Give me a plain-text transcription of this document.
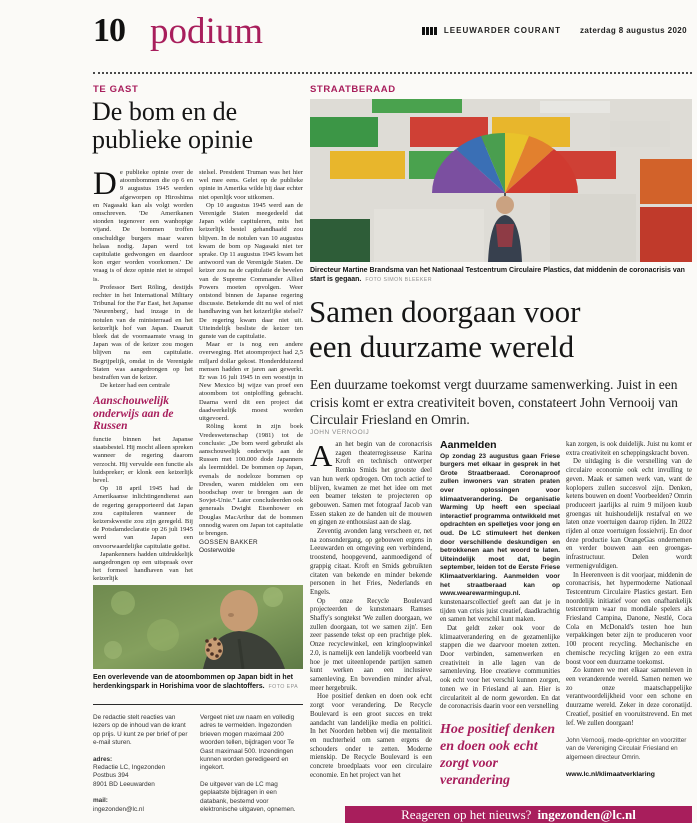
10 podium	LEEUWARDER COURANT zaterdag 8 augustus 2020
TE GAST
De bom en de
publieke opinie

De publieke opinie over de atoombommen die op 6 en 9 augustus 1945 werden afgeworpen op Hiroshima en Nagasaki kan als volgt worden omschreven. 'De Amerikanen stonden tegenover een wanhopige vijand. De bommen troffen onschuldige burgers maar waren helaas nodig. Japan werd tot capitulatie gedwongen en daardoor kon erger worden voorkomen.' De vraag is of deze opinie niet te simpel is.

Professor Bert Röling, destijds rechter in het International Military Tribunal for the Far East, het Japanse 'Neurenberg', had inzage in de notulen van de ministerraad en het keizerlijk hof van Japan. Daaruit bleek dat de voornaamste vraag in Japan was of de keizer zou mogen blijven na een capitulatie. Begrijpelijk, omdat in de Verenigde Staten was aangedrongen op het bestraffen van de keizer.

De keizer had een centrale

Aanschouwelijk onderwijs aan de Russen

functie binnen het Japanse staatsbestel. Hij mocht alleen spreken wanneer de regering daarom verzocht. Hij vervulde een functie als luidspreker; er klonk een keizerlijk bevel.

Op 18 april 1945 had de Amerikaanse inlichtingendienst aan de regering gerapporteerd dat Japan zou capituleren wanneer de keizerskwestie zou zijn geregeld. Bij de Potsdamdeclaratie op 26 juli 1945 werd van Japan een onvoorwaardelijke capitulatie geëist.

Japankenners hadden uitdrukkelijk aangedrongen op een uitspraak over het formeel handhaven van het keizerlijk

stelsel. President Truman was het hier wel mee eens. Gelet op de publieke opinie in Amerika wilde hij daar echter niet openlijk voor uitkomen.

Op 10 augustus 1945 werd aan de Verenigde Staten meegedeeld dat Japan wilde capituleren, mits het keizerlijk bestel gehandhaafd zou blijven. In de notulen van 10 augustus kwam de bom op Nagasaki niet ter sprake. Op 11 augustus 1945 kwam het antwoord van de Verenigde Staten. De keizer zou na de capitulatie de bevelen van de Supreme Commander Allied Powers moeten opvolgen. Weer ontstond binnen de Japanse regering discussie. Betekende dit nu wel of niet handhaving van het keizerlijke stelsel? De regering kwam daar niet uit. Uiteindelijk besliste de keizer ten gunste van de capitulatie.

Maar er is nog een andere overweging. Het atoomproject had 2,5 miljard dollar gekost. Honderdduizend mensen hadden er jaren aan gewerkt. Er was 16 juli 1945 in een woestijn in New Mexico bij wijze van proef een atoombom tot ontploffing gebracht. Daarna werd dit een project dat daadwerkelijk moest worden uitgevoerd.

Röling komt in zijn boek Vredeswetenschap (1981) tot de conclusie: „De bom werd gebruikt als aanschouwelijk onderwijs aan de Russen met 100.000 dode Japanners als leermiddel. De bommen op Japan, evenals de nodeloze bommen op Dresden, waren middelen om een boodschap over te brengen aan de Sovjet-Unie.” Later concludeerden ook generaals Dwight Eisenhower en Douglas MacArthur dat de bommen onnodig waren om Japan tot capitulatie te brengen.

GOSSEN BAKKER
Oosterwolde
Een overlevende van de atoombommen op Japan bidt in het herdenkingspark in Horishima voor de slachtoffers. FOTO EPA

De redactie stelt reacties van lezers op de inhoud van de krant op prijs. U kunt ze per brief of per e-mail sturen.

adres:

Redactie LC, Ingezonden

Postbus 394

8901 BD Leeuwarden

mail:

ingezonden@lc.nl

Vergeet niet uw naam en volledig adres te vermelden. Ingezonden brieven mogen maximaal 200 woorden tellen, bijdragen voor Te Gast maximaal 500. Inzendingen kunnen worden geredigeerd en ingekort.

De uitgever van de LC mag geplaatste bijdragen in een databank, bestemd voor elektronische uitgaven, opnemen.

STRAATBERAAD
Directeur Martine Brandsma van het Nationaal Testcentrum Circulaire Plastics, dat middenin de coronacrisis van start is gegaan. FOTO SIMON BLEEKER
Samen doorgaan voor
een duurzame wereld
Een duurzame toekomst vergt duurzame samenwerking. Juist in een crisis komt er extra creativiteit boven, constateert John Vernooij van Circulair Friesland en Omrin.
JOHN VERNOOIJ

Aan het begin van de coronacrisis zagen theaterregisseuse Karina Kroft en technisch ontwerper Remko Smids het grootste deel van hun werk opdrogen. Om toch actief te blijven, kwamen ze met het idee om met een beamer teksten te projecteren op gebouwen. Samen met fotograaf Jacob van Essen staken ze de handen uit de mouwen en gingen ze enthousiast aan de slag.

Zeventig avonden lang verscheen er, net na zonsondergang, op gebouwen ergens in Leeuwarden en omgeving een verbindend, troostend, hoopgevend, aanmoedigend of grappig citaat. Kroft en Smids gebruikten citaten van bekende en minder bekende personen in het Fries, Nederlands en Engels.

Op onze Recycle Boulevard projecteerden de kunstenaars Ramses Shaffy's songtekst 'We zullen doorgaan, we zullen doorgaan, tot we samen zijn'. Een zeer passende tekst op een prachtige plek. Onze recyclewinkel, een kringloopwinkel 2.0, is namelijk een landelijk voorbeeld van hoe je met uiteenlopende partijen samen kunt werken aan een inclusieve samenleving. En bovendien minder afval, meer hergebruik.

Hoe positief denken en doen ook echt zorgt voor verandering. De Recycle Boulevard is een groot succes en trekt aandacht van landelijke media en politici. In het Noorden hebben wij die mentaliteit en nuchterheid om samen ergens de schouders onder te zetten. Moderne mienskip. De Recycle Boulevard is een concrete broedplaats voor een circulaire economie. En het project van het

Aanmelden

Op zondag 23 augustus gaan Friese burgers met elkaar in gesprek in het Grote Straatberaad. Coronaproof zullen inwoners van straten praten over oplossingen voor klimaatverandering. De organisatie Warming Up heeft een speciaal interactief programma ontwikkeld met opdrachten en spelletjes voor jong en oud. De LC stimuleert het denken door verschillende deskundigen en betrokkenen aan het woord te laten. Uiteindelijk moet dat, begin september, leiden tot de Eerste Friese Klimaatverklaring. Aanmelden voor het straatberaad kan op www.wearewarmingup.nl.

kunstenaarscollectief geeft aan dat je in tijden van crisis juist creatief, daadkrachtig en samen het verschil kunt maken.

Dat geldt zeker ook voor de klimaatverandering en de gezamenlijke stappen die we daarvoor moeten zetten. Door verbinden, samenwerken en creativiteit in alle lagen van de samenleving. Hoe creatieve communities ook echt voor het verschil kunnen zorgen, tonen we in Friesland al aan. Hier is circulariteit al de norm geworden. En dat de coronacrisis daarin voor een versnelling

Hoe positief denken en doen ook echt zorgt voor verandering

kan zorgen, is ook duidelijk. Juist nu komt er extra creativiteit en scheppingskracht boven.

De uitdaging is die versnelling van de circulaire economie ook echt invulling te geven. Maak er samen werk van, want de koplopers zullen succesvol zijn. Denken, ketens bouwen en doen! Voorbeelden? Omrin produceert jaarlijks al ruim 9 miljoen kuub groengas uit huishoudelijk restafval en we laten onze voertuigen daarop rijden. In 2022 rijden al onze voertuigen fossielvrij. En door deze productie kan OrangeGas ondernemen en verder bouwen aan een groengas-infrastructuur. Delen wordt vermenigvuldigen.

In Heerenveen is dit voorjaar, middenin de coronacrisis, het hypermoderne Nationaal Testcentrum Circulaire Plastics gestart. Een noordelijk initiatief voor een onafhankelijk testcentrum waar nu mondiale spelers als Friesland Campina, Danone, Nestlé, Coca Cola en McDonald's testen hoe hun verpakkingen beter zijn te produceren voor 100 procent recycling. Mechanische en chemische recycling krijgen zo een extra boost voor een duurzame toekomst.

Zo kunnen we met elkaar samenleven in een veranderende wereld. Samen nemen we zo onze maatschappelijke verantwoordelijkheid voor een schone en duurzame wereld. Zeker in deze coronatijd. Creatief, positief en vooruitstrevend. En met lef. We zullen doorgaan!

John Vernooij, mede-oprichter en voorzitter van de Vereniging Circulair Friesland en algemeen directeur Omrin.
www.lc.nl/klimaatverklaring
Reageren op het nieuws? ingezonden@lc.nl
